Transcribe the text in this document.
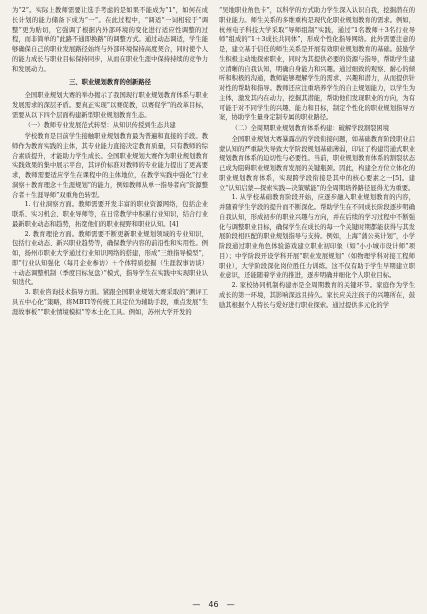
为“2”。实际上教师需要让选手考虑的是如果不能成为“1”，如何在成长计划的能力储备下成为“一”。在此过程中，“调适”一词相较于“调整”更为贴切，它强调了根据内外部环境的变化进行适应性调整的过程，而非简单的“此路不通即换路”的调整方式。通过动态调适，学生能够确保自己的职业发展路径始终与外部环境保持高度契合，同时使个人的能力成长与职业目标保持同步，从而在职业生涯中保持持续的竞争力和发展动力。

三、职业规划教育的创新路径

全国职业规划大赛的举办揭示了我国现行职业规划教育体系与职业发展需求的深层矛盾。要真正实现“以赛促教，以赛促学”的改革目标，需要从以下四个层面构建新型职业规划教育生态。

（一）教师专业发展范式转型：从知识传授到生态共建

学校教育是目前学生接触职业规划教育最为普遍和直接的手段。教师作为教育实践的主体，其专业能力直接决定教育质量，只有教师的综合素质提升，才能助力学生成长。全国职业规划大赛作为职业规划教育实践效果的集中展示平台，其评价标准对教师的专业能力提出了更高要求，教师需要适应学生在课程中的主体地位，在教学实践中强化“行业洞察＋教育理念＋生涯规划”的能力，例如教师从单一指导者向“资源整合者＋生涯导师”双重角色转型。

1. 行业洞察方面。教师需要开发丰富的职业资源网络，包括企业联系、实习机会、职业导师等，在日常教学中积累行业知识，结合行业最新职业动态和趋势，拓宽他们的职业视野和职业认知。[4]

2. 教育理论方面。教师需要不断更新职业规划领域的专业知识，包括行业动态、新兴职业趋势等，确保教学内容的前沿性和实用性。例如，扬州市职业大学通过行业知识网络的搭建，形成“三维指导模型”，即“行业认知强化（每月企业参访）＋个体特质挖掘（生涯叙事访谈）＋动态调整机制（季度目标复盘）”模式，指导学生在实践中实现职业认知迭代。

3. 职业咨询技术指导方面。紧跟全国职业规划大赛采取的“测评工具五中心化”策略，将MBTI等传统工具定位为辅助手段，重点发展“生涯故事板”“职业情境模拟”等本土化工具。例如，苏州大学开发的

“吴地职业角色卡”，以科学的方式助力学生深入认识自我，挖掘潜在的职业能力。师生关系的多维重构是现代化职业规划教育的需求。例如，杭州电子科技大学采取“导师组制”实践，通过“1名教师＋3名行业导师”组成的“1＋3成长共同体”，形成个性化指导网络。此外需要注意的是，建立基于信任的师生关系是开展有效职业规划教育的基础。鼓励学生积极主动地探索职业，同时为其提供必要的资源与指导，帮助学生建立清晰的自我认知，明确自身能力和兴趣。通过细致的观察、耐心的倾听和积极的沟通，教师能够理解学生的需求、兴趣和潜力，从而提供针对性的帮助和指导。教师还应注重培养学生的自主规划能力，以学生为主体，激发其内在动力，挖掘其潜能，帮助他们发现职业的方向，为有可能于对不同学生的兴趣、能力和目标，制定个性化的职业规划指导方案，协助学生量身定制专属的职业路径。

（二）全周期职业规划教育体系构建：破解学段割裂困境

全国职业规划大赛暴露出的学段衔接问题，如基础教育阶段职业启蒙认知的严重缺失导致大学阶段规划基础薄弱，印证了构建贯通式职业规划教育体系的迫切性与必要性。当前，职业规划教育体系的割裂状态已成为阻碍职业规划教育发展的关键瓶颈。因此，构建全方位立体化的职业规划教育体系，实现跨学段衔接是其中的核心要素之一[5]。建立“认知启蒙—探索实践—决策赋能”的全周期培养路径显得尤为重要。

1. 从学校基础教育阶段开始，应逐步融入职业规划教育的内容，并随着学生学段的提升而不断深化。帮助学生在不同成长阶段逐步明确自我认知，形成初步的职业兴趣与方向，并在后续的学习过程中不断强化与调整职业目标，确保学生在成长的每一个关键时期都能获得与其发展阶段相匹配的职业规划指导与支持。例如，上海“蒲公英计划”，小学阶段通过职业角色体验游戏建立职业初印象（如“小小城市设计师”项目）；中学阶段开设学科开展“职业发展规划”（如物理学科对接工程师职业），大学阶段深化岗位胜任力训练。这不仅有助于学生早期建立职业意识，还能随着学业的推进，逐步明确并细化个人职业目标。

2. 家校协同机制构建亦是全周期教育的关键环节。家庭作为学生成长的第一环境，其影响深远且持久。家长应关注孩子的兴趣所在，鼓励其根据个人特长与爱好进行职业探索。通过提供多元化的学

— 46 —
